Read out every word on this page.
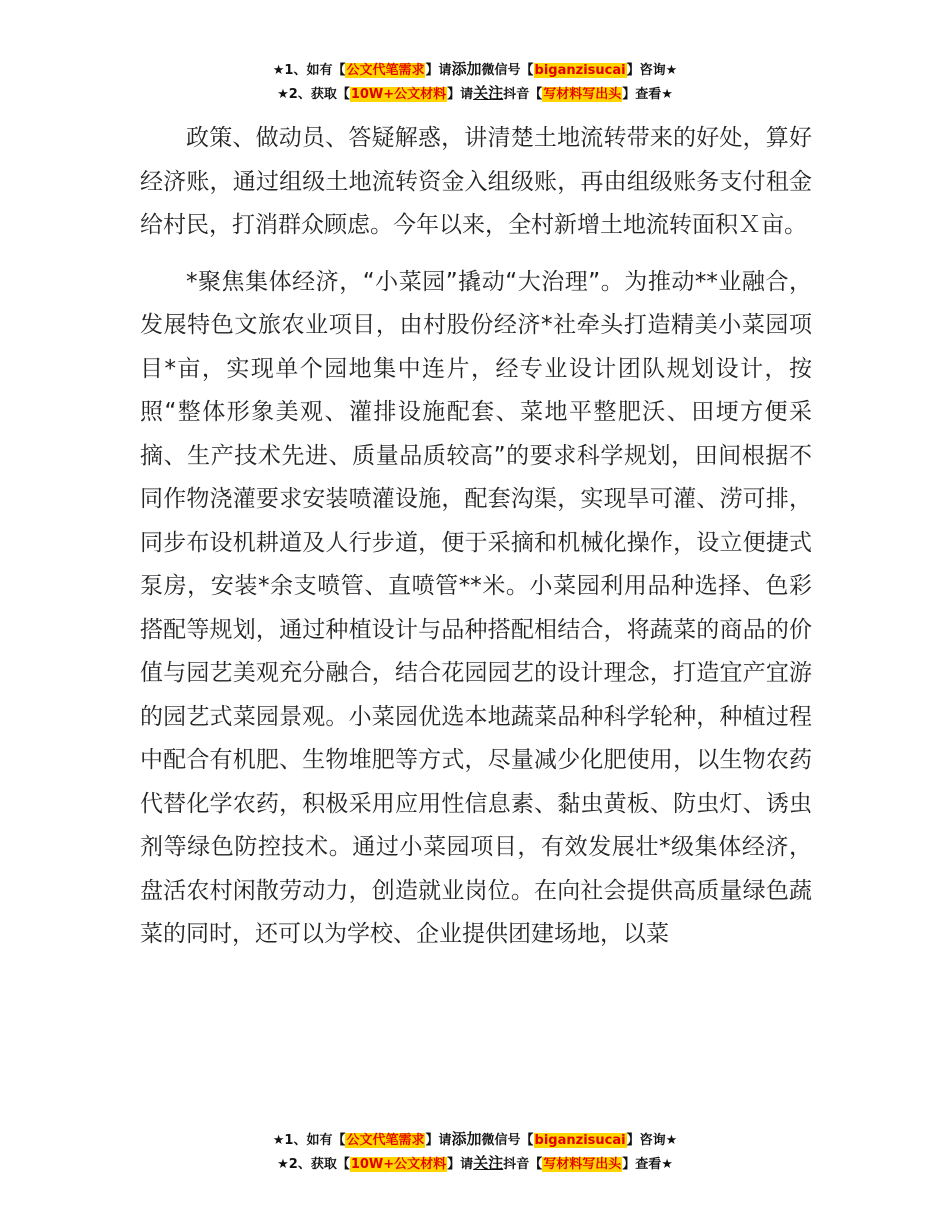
★1、如有【公文代笔需求】请添加微信号【biganzisucai】咨询★
★2、获取【10W+公文材料】请关注抖音【写材料写出头】查看★

政策、做动员、答疑解惑，讲清楚土地流转带来的好处，算好经济账，通过组级土地流转资金入组级账，再由组级账务支付租金给村民，打消群众顾虑。今年以来，全村新增土地流转面积Ｘ亩。

*聚焦集体经济，“小菜园”撬动“大治理”。为推动**业融合，发展特色文旅农业项目，由村股份经济*社牵头打造精美小菜园项目*亩，实现单个园地集中连片，经专业设计团队规划设计，按照“整体形象美观、灌排设施配套、菜地平整肥沃、田埂方便采摘、生产技术先进、质量品质较高”的要求科学规划，田间根据不同作物浇灌要求安装喷灌设施，配套沟渠，实现旱可灌、涝可排，同步布设机耕道及人行步道，便于采摘和机械化操作，设立便捷式泵房，安装*余支喷管、直喷管**米。小菜园利用品种选择、色彩搭配等规划，通过种植设计与品种搭配相结合，将蔬菜的商品的价值与园艺美观充分融合，结合花园园艺的设计理念，打造宜产宜游的园艺式菜园景观。小菜园优选本地蔬菜品种科学轮种，种植过程中配合有机肥、生物堆肥等方式，尽量减少化肥使用，以生物农药代替化学农药，积极采用应用性信息素、黏虫黄板、防虫灯、诱虫剂等绿色防控技术。通过小菜园项目，有效发展壮*级集体经济，盘活农村闲散劳动力，创造就业岗位。在向社会提供高质量绿色蔬菜的同时，还可以为学校、企业提供团建场地，以菜

★1、如有【公文代笔需求】请添加微信号【biganzisucai】咨询★
★2、获取【10W+公文材料】请关注抖音【写材料写出头】查看★
